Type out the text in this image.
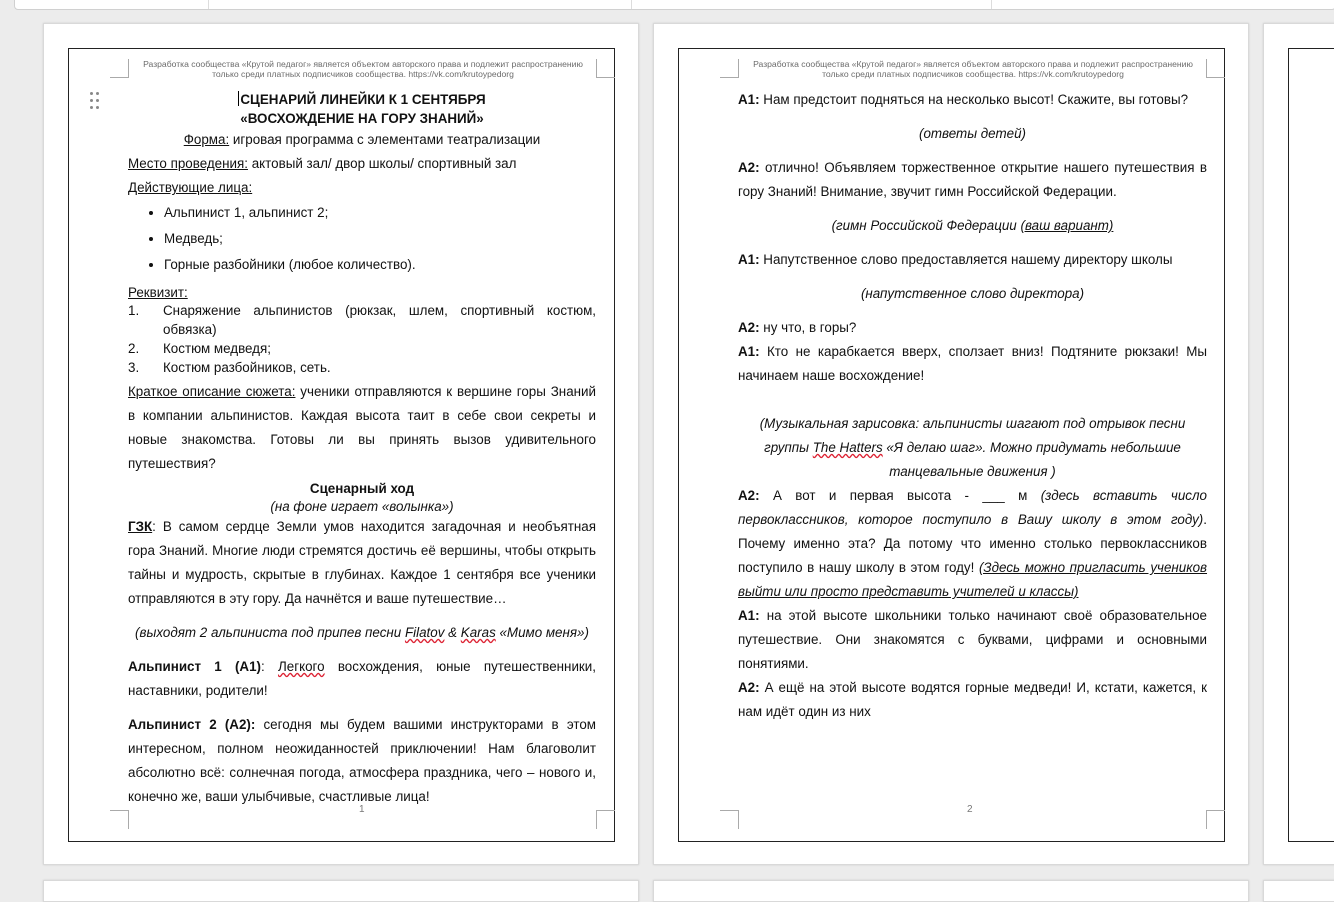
Разработка сообщества «Крутой педагог» является объектом авторского права и подлежит распространению
только среди платных подписчиков сообщества. https://vk.com/krutoypedorg
СЦЕНАРИЙ ЛИНЕЙКИ К 1 СЕНТЯБРЯ
«ВОСХОЖДЕНИЕ НА ГОРУ ЗНАНИЙ»

Форма: игровая программа с элементами театрализации

Место проведения: актовый зал/ двор школы/ спортивный зал

Действующие лица:

• Альпинист 1, альпинист 2;
• Медведь;
• Горные разбойники (любое количество).

Реквизит:

1.	Снаряжение альпинистов (рюкзак, шлем, спортивный костюм, обвязка)
2.	Костюм медведя;
3.	Костюм разбойников, сеть.

Краткое описание сюжета: ученики отправляются к вершине горы Знаний в компании альпинистов. Каждая высота таит в себе свои секреты и новые знакомства. Готовы ли вы принять вызов удивительного путешествия?

Сценарный ход
(на фоне играет «волынка»)

ГЗК: В самом сердце Земли умов находится загадочная и необъятная гора Знаний. Многие люди стремятся достичь её вершины, чтобы открыть тайны и мудрость, скрытые в глубинах. Каждое 1 сентября все ученики отправляются в эту гору. Да начнётся и ваше путешествие…

(выходят 2 альпиниста под припев песни Filatov & Karas «Мимо меня»)

Альпинист 1 (А1): Легкого восхождения, юные путешественники, наставники, родители!

Альпинист 2 (А2): сегодня мы будем вашими инструкторами в этом интересном, полном неожиданностей приключении! Нам благоволит абсолютно всё: солнечная погода, атмосфера праздника, чего – нового и, конечно же, ваши улыбчивые, счастливые лица!

1
Разработка сообщества «Крутой педагог» является объектом авторского права и подлежит распространению
только среди платных подписчиков сообщества. https://vk.com/krutoypedorg

А1: Нам предстоит подняться на несколько высот! Скажите, вы готовы?

(ответы детей)

А2: отлично! Объявляем торжественное открытие нашего путешествия в гору Знаний! Внимание, звучит гимн Российской Федерации.

(гимн Российской Федерации (ваш вариант)

А1: Напутственное слово предоставляется нашему директору школы

(напутственное слово директора)

А2: ну что, в горы?

А1: Кто не карабкается вверх, сползает вниз! Подтяните рюкзаки! Мы начинаем наше восхождение!

(Музыкальная зарисовка: альпинисты шагают под отрывок песни группы The Hatters «Я делаю шаг». Можно придумать небольшие танцевальные движения )

А2: А вот и первая высота - ___ м (здесь вставить число первоклассников, которое поступило в Вашу школу в этом году). Почему именно эта? Да потому что именно столько первоклассников поступило в нашу школу в этом году! (Здесь можно пригласить учеников выйти или просто представить учителей и классы)

А1: на этой высоте школьники только начинают своё образовательное путешествие. Они знакомятся с буквами, цифрами и основными понятиями.

А2: А ещё на этой высоте водятся горные медведи! И, кстати, кажется, к нам идёт один из них

2
